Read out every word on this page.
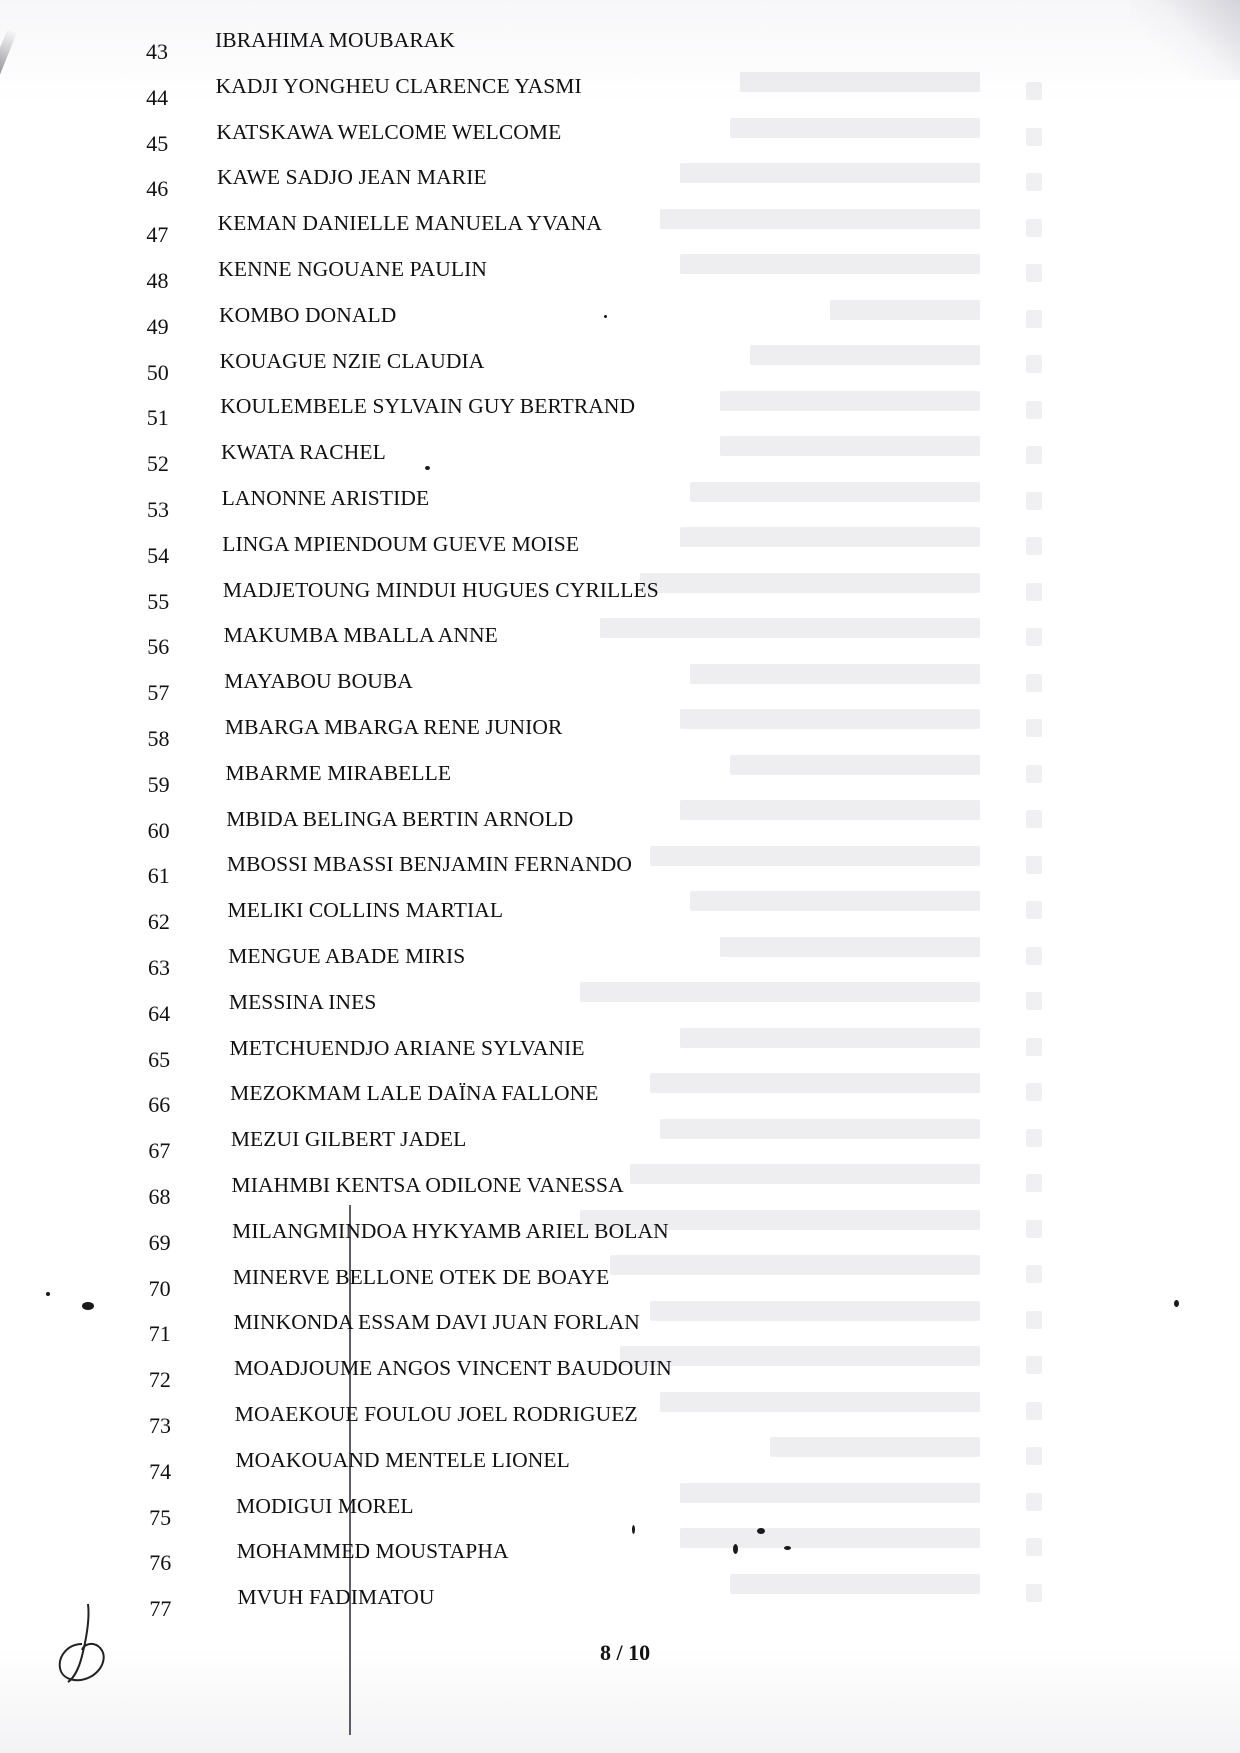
43	IBRAHIMA MOUBARAK
44	KADJI YONGHEU CLARENCE YASMI
45	KATSKAWA WELCOME WELCOME
46	KAWE SADJO JEAN MARIE
47	KEMAN DANIELLE MANUELA YVANA
48	KENNE NGOUANE PAULIN
49	KOMBO DONALD
50	KOUAGUE NZIE CLAUDIA
51	KOULEMBELE SYLVAIN GUY BERTRAND
52	KWATA RACHEL
53	LANONNE ARISTIDE
54	LINGA MPIENDOUM GUEVE MOISE
55	MADJETOUNG MINDUI HUGUES CYRILLES
56	MAKUMBA MBALLA ANNE
57	MAYABOU BOUBA
58	MBARGA MBARGA RENE JUNIOR
59	MBARME MIRABELLE
60	MBIDA BELINGA BERTIN ARNOLD
61	MBOSSI MBASSI BENJAMIN FERNANDO
62	MELIKI COLLINS MARTIAL
63	MENGUE ABADE MIRIS
64	MESSINA INES
65	METCHUENDJO ARIANE SYLVANIE
66	MEZOKMAM LALE DAÏNA FALLONE
67	MEZUI GILBERT JADEL
68	MIAHMBI KENTSA ODILONE VANESSA
69	MILANGMINDOA HYKYAMB ARIEL BOLAN
70	MINERVE BELLONE OTEK DE BOAYE
71	MINKONDA ESSAM DAVI JUAN FORLAN
72	MOADJOUME ANGOS VINCENT BAUDOUIN
73	MOAEKOUE FOULOU JOEL RODRIGUEZ
74	MOAKOUAND MENTELE LIONEL
75	MODIGUI MOREL
76	MOHAMMED MOUSTAPHA
77	MVUH FADIMATOU
8 / 10
